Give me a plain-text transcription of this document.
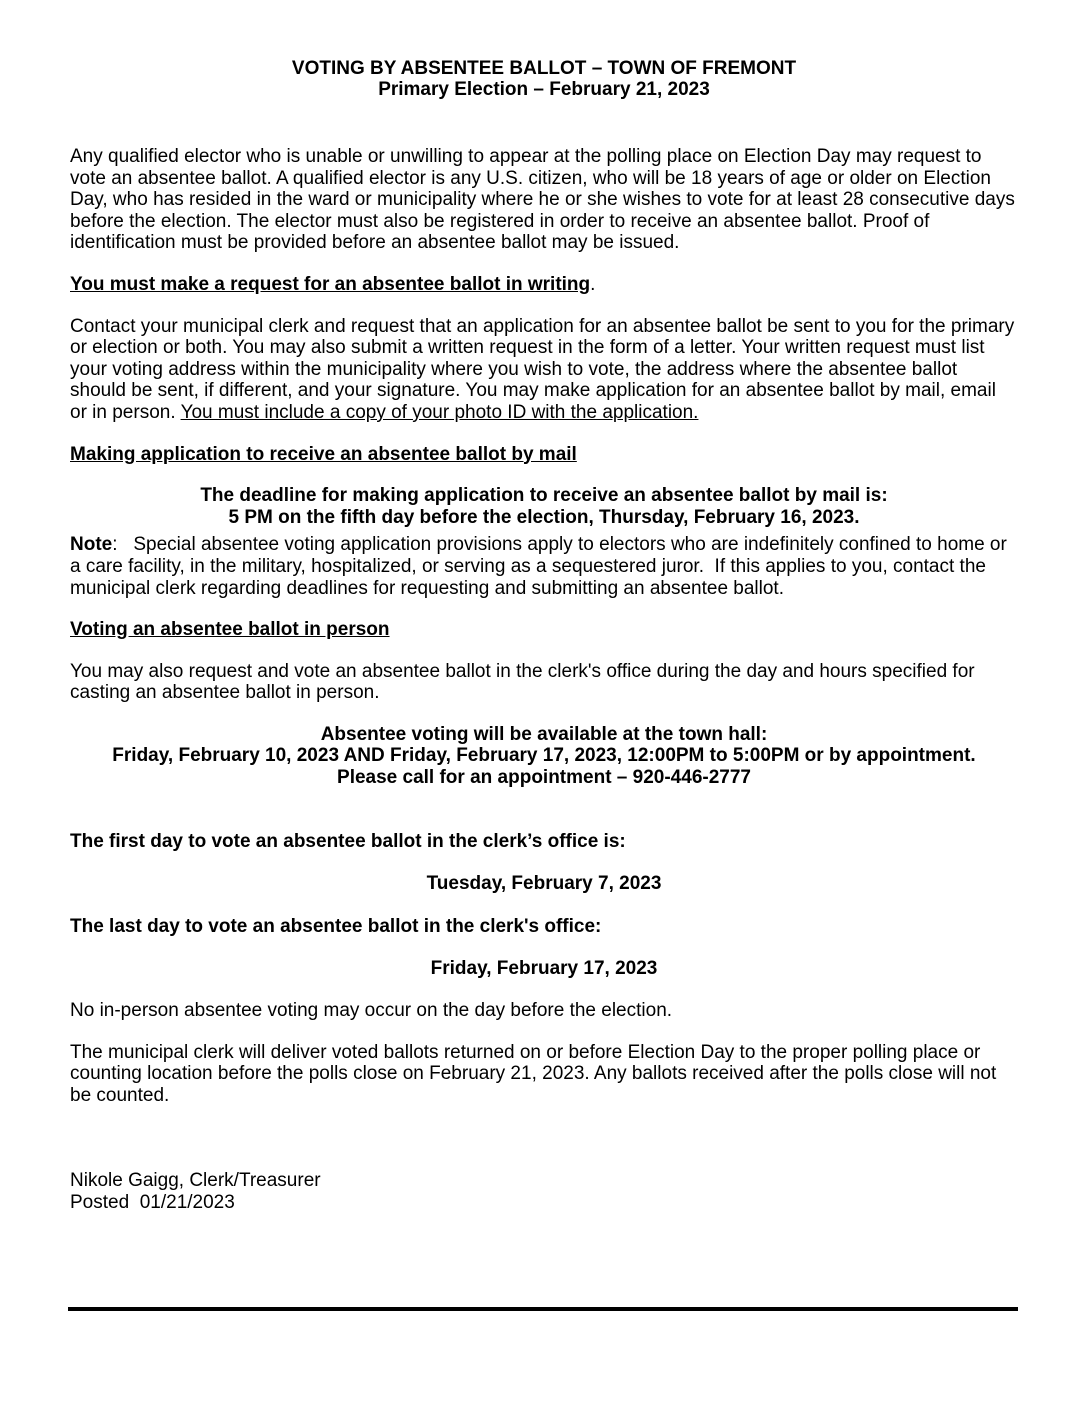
VOTING BY ABSENTEE BALLOT – TOWN OF FREMONT
Primary Election – February 21, 2023

Any qualified elector who is unable or unwilling to appear at the polling place on Election Day may request to vote an absentee ballot. A qualified elector is any U.S. citizen, who will be 18 years of age or older on Election Day, who has resided in the ward or municipality where he or she wishes to vote for at least 28 consecutive days before the election. The elector must also be registered in order to receive an absentee ballot. Proof of identification must be provided before an absentee ballot may be issued.

You must make a request for an absentee ballot in writing.

Contact your municipal clerk and request that an application for an absentee ballot be sent to you for the primary or election or both. You may also submit a written request in the form of a letter. Your written request must list your voting address within the municipality where you wish to vote, the address where the absentee ballot should be sent, if different, and your signature. You may make application for an absentee ballot by mail, email or in person. You must include a copy of your photo ID with the application.

Making application to receive an absentee ballot by mail

The deadline for making application to receive an absentee ballot by mail is:
5 PM on the fifth day before the election, Thursday, February 16, 2023.

Note:   Special absentee voting application provisions apply to electors who are indefinitely confined to home or a care facility, in the military, hospitalized, or serving as a sequestered juror.  If this applies to you, contact the municipal clerk regarding deadlines for requesting and submitting an absentee ballot.

Voting an absentee ballot in person

You may also request and vote an absentee ballot in the clerk's office during the day and hours specified for casting an absentee ballot in person.

Absentee voting will be available at the town hall:
Friday, February 10, 2023 AND Friday, February 17, 2023, 12:00PM to 5:00PM or by appointment.
Please call for an appointment – 920-446-2777

The first day to vote an absentee ballot in the clerk’s office is:

Tuesday, February 7, 2023

The last day to vote an absentee ballot in the clerk's office:

Friday, February 17, 2023

No in-person absentee voting may occur on the day before the election.

The municipal clerk will deliver voted ballots returned on or before Election Day to the proper polling place or counting location before the polls close on February 21, 2023. Any ballots received after the polls close will not be counted.

Nikole Gaigg, Clerk/Treasurer
Posted  01/21/2023
